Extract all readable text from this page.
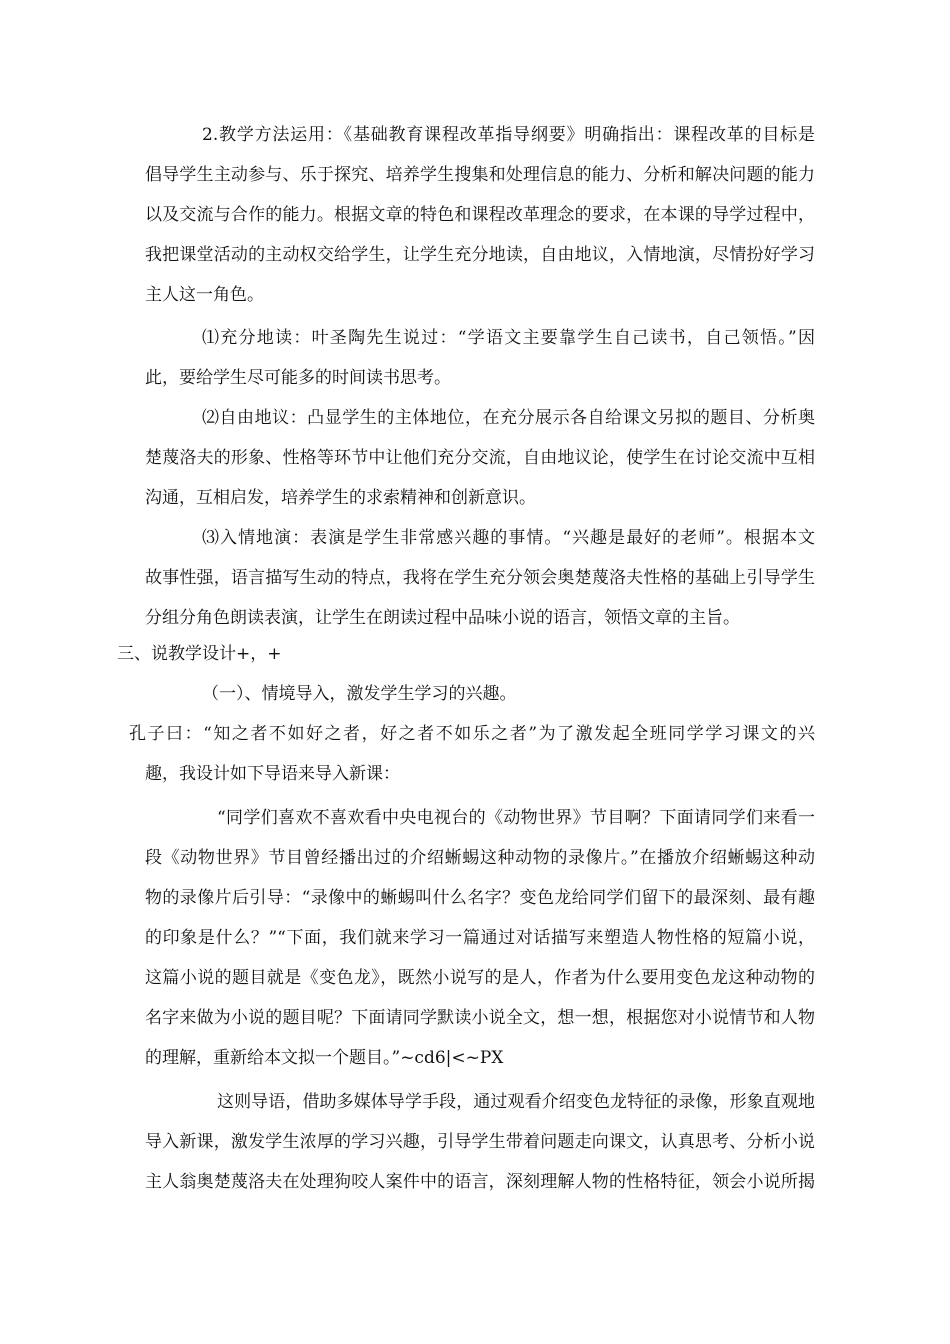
2.教学方法运用：《基础教育课程改革指导纲要》明确指出：课程改革的目标是

倡导学生主动参与、乐于探究、培养学生搜集和处理信息的能力、分析和解决问题的能力

以及交流与合作的能力。根据文章的特色和课程改革理念的要求，在本课的导学过程中，

我把课堂活动的主动权交给学生，让学生充分地读，自由地议，入情地演，尽情扮好学习

主人这一角色。

⑴充分地读：叶圣陶先生说过：“学语文主要靠学生自己读书，自己领悟。”因

此，要给学生尽可能多的时间读书思考。

⑵自由地议：凸显学生的主体地位，在充分展示各自给课文另拟的题目、分析奥

楚蔑洛夫的形象、性格等环节中让他们充分交流，自由地议论，使学生在讨论交流中互相

沟通，互相启发，培养学生的求索精神和创新意识。

⑶入情地演：表演是学生非常感兴趣的事情。“兴趣是最好的老师”。根据本文

故事性强，语言描写生动的特点，我将在学生充分领会奥楚蔑洛夫性格的基础上引导学生

分组分角色朗读表演，让学生在朗读过程中品味小说的语言，领悟文章的主旨。

三、说教学设计+，+

（一）、情境导入，激发学生学习的兴趣。

孔子曰：“知之者不如好之者，好之者不如乐之者”为了激发起全班同学学习课文的兴

趣，我设计如下导语来导入新课：

“同学们喜欢不喜欢看中央电视台的《动物世界》节目啊？下面请同学们来看一

段《动物世界》节目曾经播出过的介绍蜥蜴这种动物的录像片。”在播放介绍蜥蜴这种动

物的录像片后引导：“录像中的蜥蜴叫什么名字？变色龙给同学们留下的最深刻、最有趣

的印象是什么？”“下面，我们就来学习一篇通过对话描写来塑造人物性格的短篇小说，

这篇小说的题目就是《变色龙》，既然小说写的是人，作者为什么要用变色龙这种动物的

名字来做为小说的题目呢？下面请同学默读小说全文，想一想，根据您对小说情节和人物

的理解，重新给本文拟一个题目。”~cd6|<~PX

这则导语，借助多媒体导学手段，通过观看介绍变色龙特征的录像，形象直观地

导入新课，激发学生浓厚的学习兴趣，引导学生带着问题走向课文，认真思考、分析小说

主人翁奥楚蔑洛夫在处理狗咬人案件中的语言，深刻理解人物的性格特征，领会小说所揭
